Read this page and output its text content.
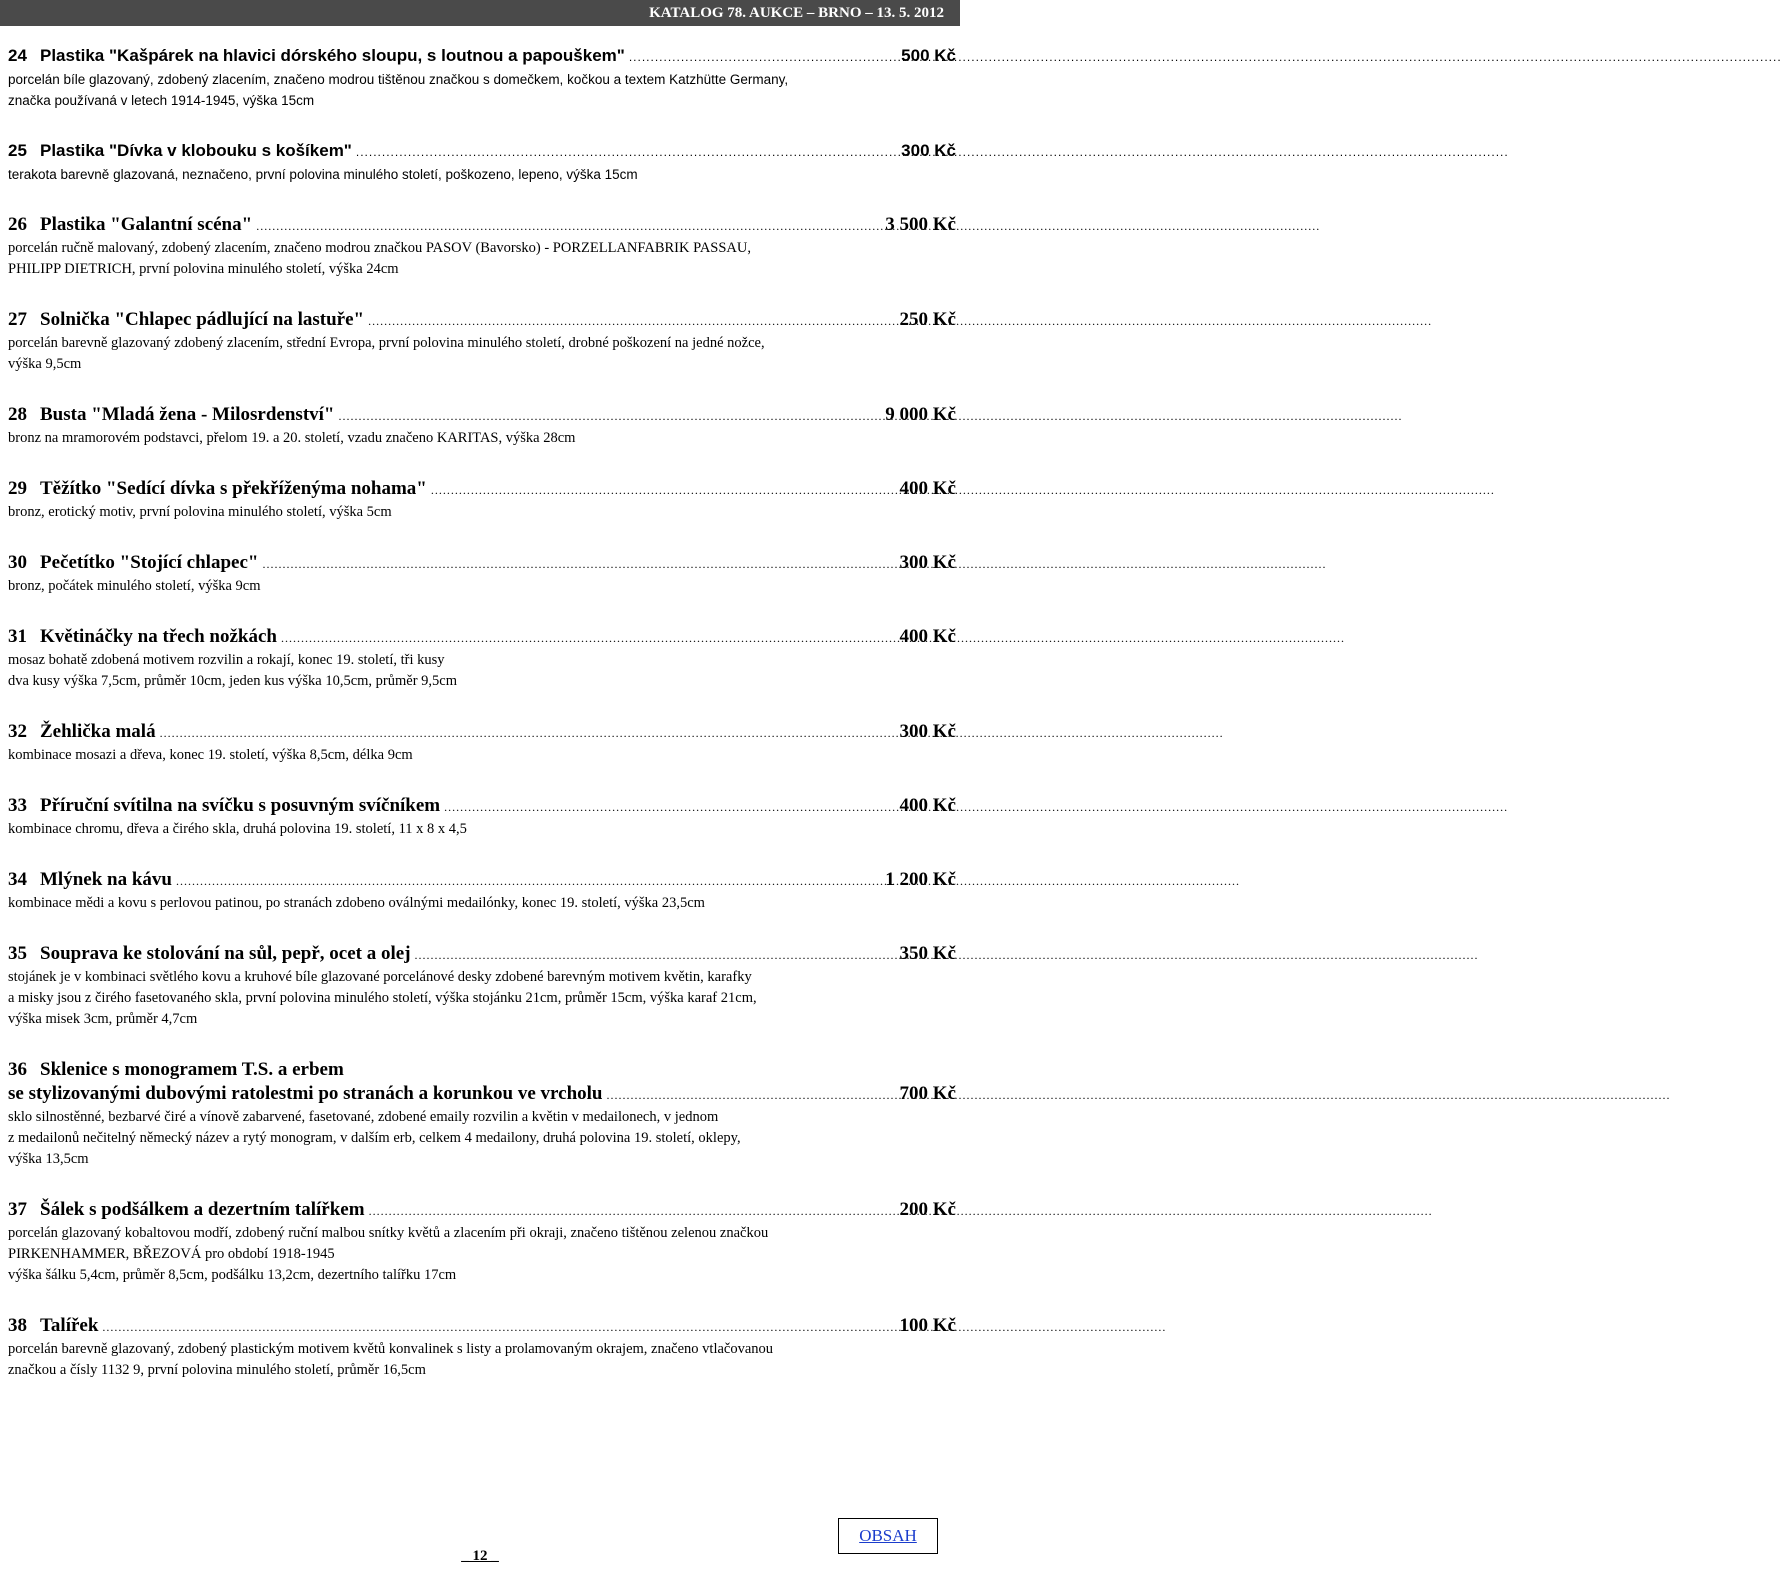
KATALOG 78. AUKCE – BRNO – 13. 5. 2012
24 Plastika "Kašpárek na hlavici dórského sloupu, s loutnou a papouškem" .....	500 Kč
porcelán bíle glazovaný, zdobený zlacením, značeno modrou tištěnou značkou s domečkem, kočkou a textem Katzhütte Germany,
značka používaná v letech 1914-1945, výška 15cm
25 Plastika "Dívka v klobouku s košíkem" .....	300 Kč
terakota barevně glazovaná, neznačeno, první polovina minulého století, poškozeno, lepeno, výška 15cm
26 Plastika "Galantní scéna" .....	3 500 Kč
porcelán ručně malovaný, zdobený zlacením, značeno modrou značkou PASOV (Bavorsko) - PORZELLANFABRIK PASSAU,
PHILIPP DIETRICH, první polovina minulého století, výška 24cm
27 Solnička "Chlapec pádlující na lastuře" .....	250 Kč
porcelán barevně glazovaný zdobený zlacením, střední Evropa, první polovina minulého století, drobné poškození na jedné nožce,
výška 9,5cm
28 Busta "Mladá žena - Milosrdenství" .....	9 000 Kč
bronz na mramorovém podstavci, přelom 19. a 20. století, vzadu značeno KARITAS, výška 28cm
29 Těžítko "Sedící dívka s překříženýma nohama" .....	400 Kč
bronz, erotický motiv, první polovina minulého století, výška 5cm
30 Pečetítko "Stojící chlapec" .....	300 Kč
bronz, počátek minulého století, výška 9cm
31 Květináčky na třech nožkách .....	400 Kč
mosaz bohatě zdobená motivem rozvilin a rokají, konec 19. století, tři kusy
dva kusy výška 7,5cm, průměr 10cm, jeden kus výška 10,5cm, průměr 9,5cm
32 Žehlička malá .....	300 Kč
kombinace mosazi a dřeva, konec 19. století, výška 8,5cm, délka 9cm
33 Příruční svítilna na svíčku s posuvným svíčníkem .....	400 Kč
kombinace chromu, dřeva a čirého skla, druhá polovina 19. století, 11 x 8 x 4,5
34 Mlýnek na kávu .....	1 200 Kč
kombinace mědi a kovu s perlovou patinou, po stranách zdobeno oválnými medailónky, konec 19. století, výška 23,5cm
35 Souprava ke stolování na sůl, pepř, ocet a olej .....	350 Kč
stojánek je v kombinaci světlého kovu a kruhové bíle glazované porcelánové desky zdobené barevným motivem květin, karafky
a misky jsou z čirého fasetovaného skla, první polovina minulého století, výška stojánku 21cm, průměr 15cm, výška karaf 21cm,
výška misek 3cm, průměr 4,7cm
36 Sklenice s monogramem T.S. a erbem
se stylizovanými dubovými ratolestmi po stranách a korunkou ve vrcholu .....	700 Kč
sklo silnostěnné, bezbarvé čiré a vínově zabarvené, fasetované, zdobené emaily rozvilin a květin v medailonech, v jednom
z medailonů nečitelný německý název a rytý monogram, v dalším erb, celkem 4 medailony, druhá polovina 19. století, oklepy,
výška 13,5cm
37 Šálek s podšálkem a dezertním talířkem .....	200 Kč
porcelán glazovaný kobaltovou modří, zdobený ruční malbou snítky květů a zlacením při okraji, značeno tištěnou zelenou značkou
PIRKENHAMMER, BŘEZOVÁ pro období 1918-1945
výška šálku 5,4cm, průměr 8,5cm, podšálku 13,2cm, dezertního talířku 17cm
38 Talířek .....	100 Kč
porcelán barevně glazovaný, zdobený plastickým motivem květů konvalinek s listy a prolamovaným okrajem, značeno vtlačovanou
značkou a čísly 1132 9, první polovina minulého století, průměr 16,5cm
_ 12 _
OBSAH
